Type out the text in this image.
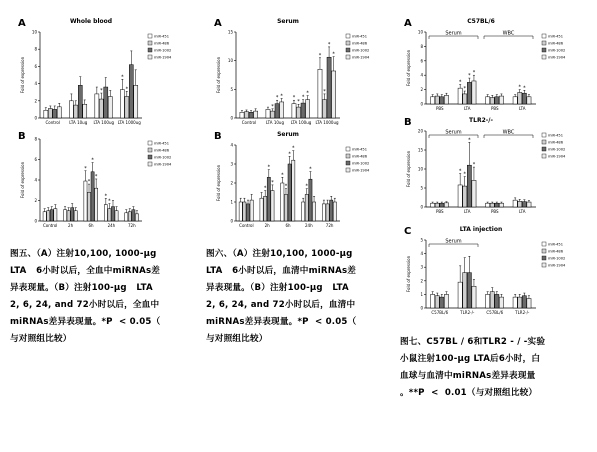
A	Whole blood
Fold of expression
0
2
4
6
8
10
Control LTA 10ug
*
LTA 100ug
*
*
LTA 1000ug
miR-451
miR-486
miR-1002
miR-1904
B
Fold of expression
0
2
4
6
8
Control	2h
*
*
*
*
6h
*
*
24h	72h
miR-451
miR-486
miR-1002
miR-1904
A	Serum
Fold of expression
0
5
10
15
Control
*
* *
LTA 10ug
*
*
*
*
LTA 100ug
*
*
*
*
LTA 1000ug
miR-451
miR-486
miR-1002
miR-1904
B	Serum
Fold of expression
0
1
2
3
4
Control
*
*
*
2h
*
*
*
*
6h
*
*
24h	72h
miR-451
miR-486
miR-1002
miR-1904
A	C57BL/6
Fold of expression
0
2
4
6
8
10
PBS
*
*
* *
LTA	PBS
* *
LTA
Serum	WBC	miR-451
miR-486
miR-1002
miR-1904
B	TLR2-/-
Fold of expression
0
5
10
15
20
PBS
*
*
*
*
LTA	PBS	LTA
Serum	WBC	miR-451
miR-486
miR-1002
miR-1904
C	LTA injection
Fold of expression
0
1
2
3
4
5
C57BL/6	TLR2-/-	C57BL/6	TLR2-/-
Serum	miR-451
miR-486
miR-1002
miR-1904
图五、（A）注射10,100, 1000-µg
LTA   6小时以后，全血中miRNAs差
异表现量。（B）注射100-µg   LTA
2, 6, 24, and 72小时以后，全血中
miRNAs差异表现量。*P  < 0.05（
与对照组比较）
图六、（A）注射10,100, 1000-µg
LTA   6小时以后，血清中miRNAs差
异表现量。（B）注射100-µg   LTA
2, 6, 24, and 72小时以后，血清中
miRNAs差异表现量。*P  < 0.05（
与对照组比较）	图七、C57BL / 6和TLR2 - / -实验
小鼠注射100-µg LTA后6小时，白
血球与血清中miRNAs差异表现量
。**P  <  0.01（与对照组比较）
